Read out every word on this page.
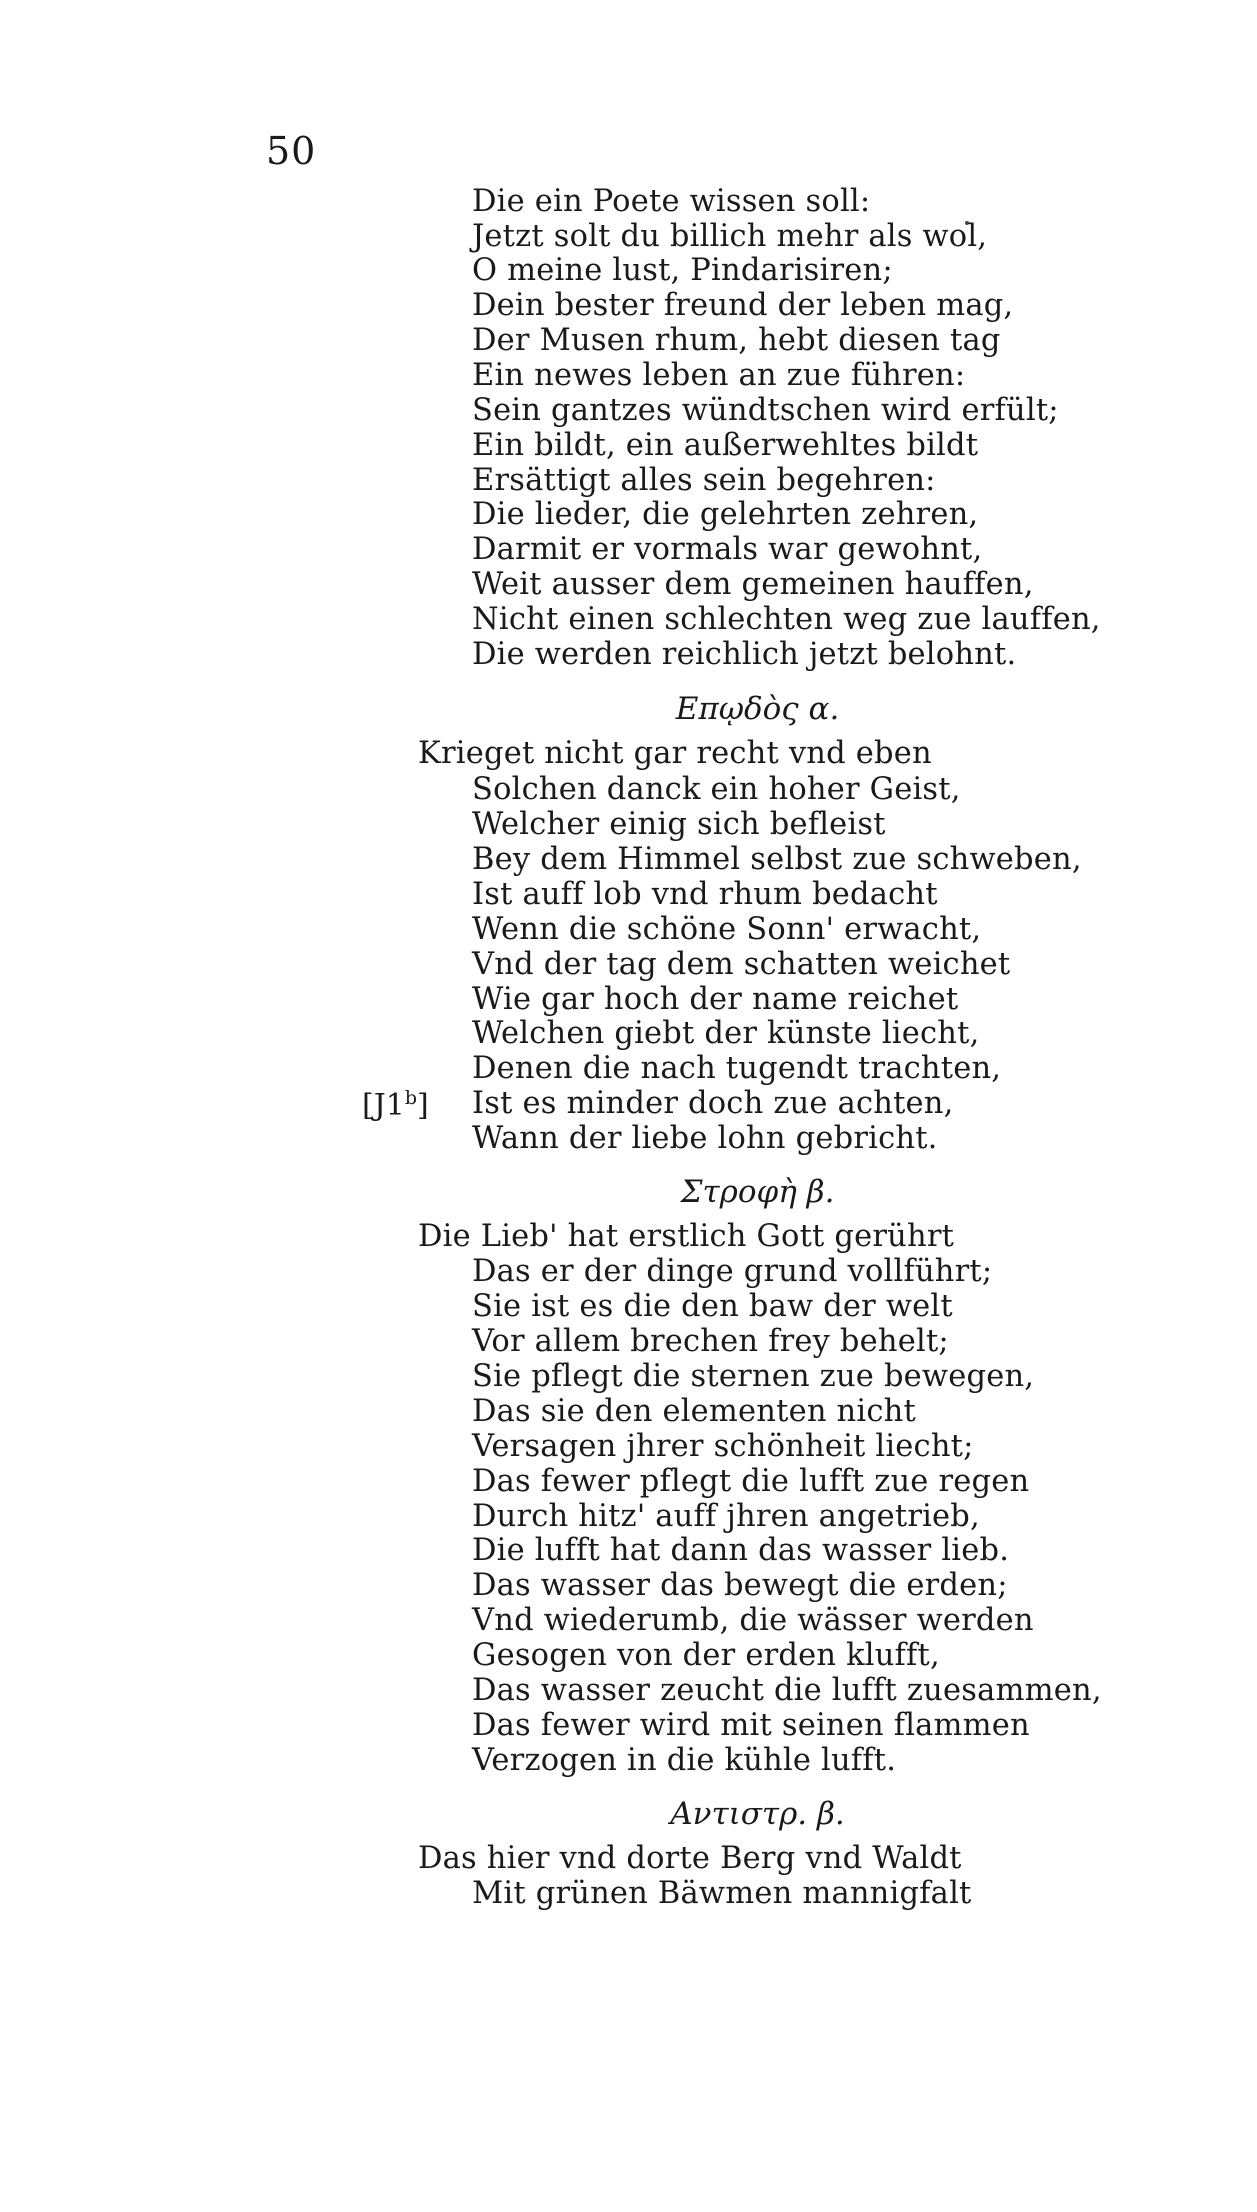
50
Die ein Poete wissen soll:
Jetzt solt du billich mehr als wol,
O meine lust, Pindarisiren;
Dein bester freund der leben mag,
Der Musen rhum, hebt diesen tag
Ein newes leben an zue führen:
Sein gantzes wündtschen wird erfült;
Ein bildt, ein außerwehltes bildt
Ersättigt alles sein begehren:
Die lieder, die gelehrten zehren,
Darmit er vormals war gewohnt,
Weit ausser dem gemeinen hauffen,
Nicht einen schlechten weg zue lauffen,
Die werden reichlich jetzt belohnt.
Επῳδὸς α.
Krieget nicht gar recht vnd eben
Solchen danck ein hoher Geist,
Welcher einig sich befleist
Bey dem Himmel selbst zue schweben,
Ist auff lob vnd rhum bedacht
Wenn die schöne Sonn' erwacht,
Vnd der tag dem schatten weichet
Wie gar hoch der name reichet
Welchen giebt der künste liecht,
Denen die nach tugendt trachten,
[J1$^b$] Ist es minder doch zue achten,
Wann der liebe lohn gebricht.
Στροφὴ β.
Die Lieb' hat erstlich Gott gerührt
Das er der dinge grund vollführt;
Sie ist es die den baw der welt
Vor allem brechen frey behelt;
Sie pflegt die sternen zue bewegen,
Das sie den elementen nicht
Versagen jhrer schönheit liecht;
Das fewer pflegt die lufft zue regen
Durch hitz' auff jhren angetrieb,
Die lufft hat dann das wasser lieb.
Das wasser das bewegt die erden;
Vnd wiederumb, die wässer werden
Gesogen von der erden klufft,
Das wasser zeucht die lufft zuesammen,
Das fewer wird mit seinen flammen
Verzogen in die kühle lufft.
Αντιστρ. β.
Das hier vnd dorte Berg vnd Waldt
Mit grünen Bäwmen mannigfalt
